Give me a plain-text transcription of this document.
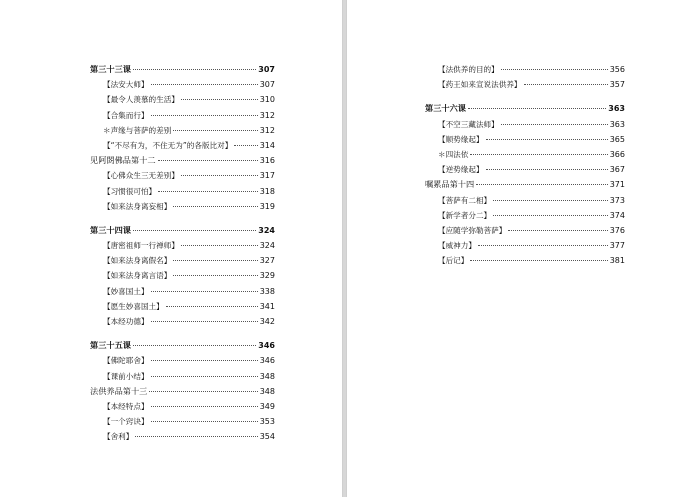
第三十三课	307
【法安大师】	307
【最令人羡慕的生活】	310
【合集而行】	312
＊声缘与菩萨的差别	312
【“不尽有为，不住无为”的各版比对】	314
见阿閦佛品第十二	316
【心佛众生三无差别】	317
【习惯很可怕】	318
【如来法身离妄相】	319
第三十四课	324
【唐密祖师一行禅师】	324
【如来法身离假名】	327
【如来法身离言语】	329
【妙喜国土】	338
【愿生妙喜国土】	341
【本经功德】	342
第三十五课	346
【佛陀耶舍】	346
【课前小结】	348
法供养品第十三	348
【本经特点】	349
【一个窍诀】	353
【舍利】	354
【法供养的目的】	356
【药王如来宣说法供养】	357
第三十六课	363
【不空三藏法师】	363
【顺势缘起】	365
＊四法依	366
【逆势缘起】	367
嘱累品第十四	371
【菩萨有二相】	373
【新学者分二】	374
【应随学弥勒菩萨】	376
【威神力】	377
【后记】	381
